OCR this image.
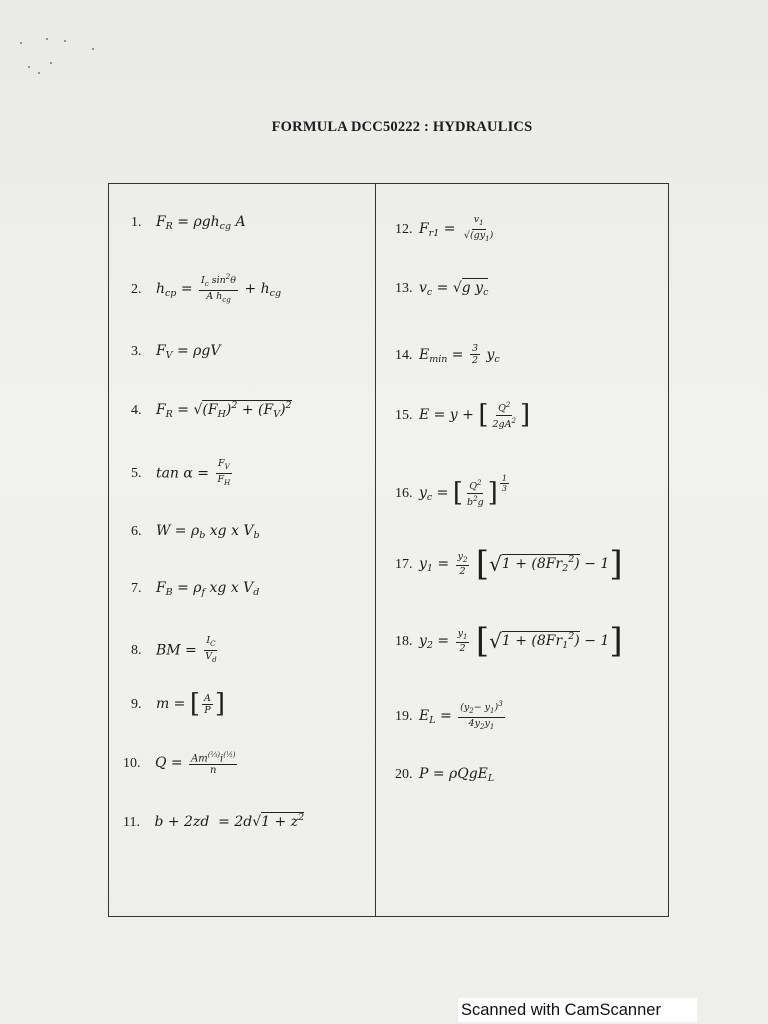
FORMULA DCC50222 : HYDRAULICS
1. $F_R = \rho gh_{cg}$ A
2. $h_{cp} = \frac{I_c \sin^2\theta}{A h_{cg}} + h_{cg}$
3. $F_V = \rho gV$
4. $F_R = √(F_H)^2 + (F_V)^2$
5. $\tan \alpha = \frac{F_V}{F_H}$
6. $W = \rho_b$ xg x $V_b$
7. $F_B = \rho_f$ xg x $V_d$
8. BM = $\frac{I_C}{V_d}$
9. m = [ $\frac{A}{P}$ ]
10. $Q = \frac{Am^{(\frac{2}{3})}i^{(\frac{1}{2})}}{n}$
11. $b + 2zd = 2d√1 + z^2$
12. $F_{r1} = \frac{v_1}{√(gy_1)}$
13. $v_c = √g$ $y_c$
14. $E_{min} = \frac{3}{2} y_c$
15. E = y + [ $\frac{Q^2}{2gA^2}$ ]
16. $y_c$ = [ $\frac{Q^2}{b^2g}$ ] $\frac{1}{3}$
17. $y_1 = \frac{y_2}{2} [√1 + (8Fr_2^2) - 1]$
18. $y_2 = \frac{y_1}{2} [√1 + (8Fr_1^2) - 1]$
19. $E_L = \frac{(y_2- y_1)^3}{4y_2y_1}$
20. P = ρQgE$_L$
Scanned with CamScanner
